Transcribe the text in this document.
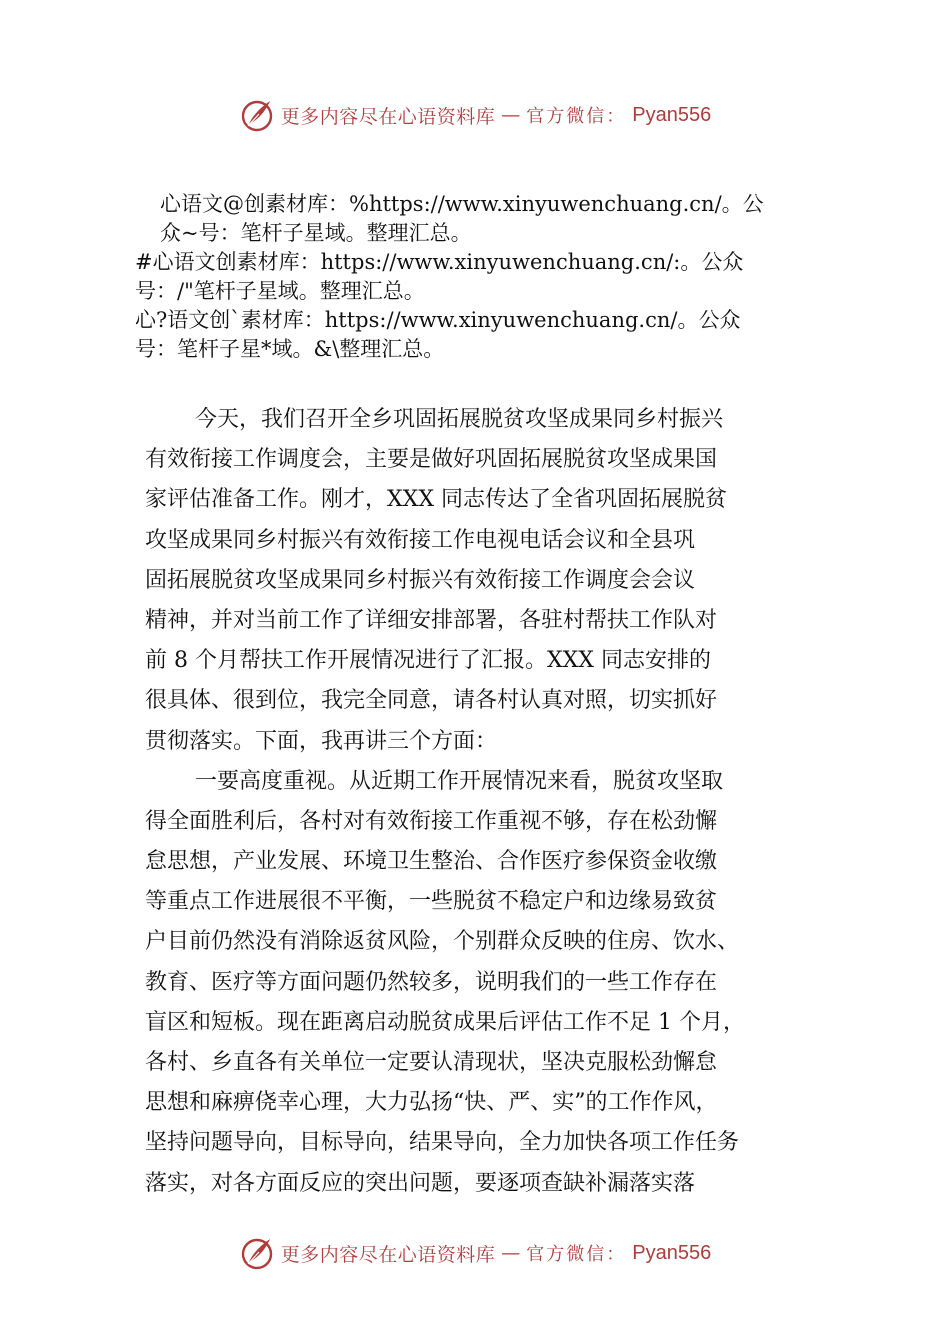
更多内容尽在心语资料库 — 官方微信： Pyan556
心语文@创素材库：%https://www.xinyuwenchuang.cn/。公
众~号：笔杆子星域。整理汇总。
#心语文创素材库：https://www.xinyuwenchuang.cn/:。公众
号：/"笔杆子星域。整理汇总。
心?语文创`素材库：https://www.xinyuwenchuang.cn/。公众
号：笔杆子星*域。&\整理汇总。
今天，我们召开全乡巩固拓展脱贫攻坚成果同乡村振兴
有效衔接工作调度会，主要是做好巩固拓展脱贫攻坚成果国
家评估准备工作。刚才，XXX 同志传达了全省巩固拓展脱贫
攻坚成果同乡村振兴有效衔接工作电视电话会议和全县巩
固拓展脱贫攻坚成果同乡村振兴有效衔接工作调度会会议
精神，并对当前工作了详细安排部署，各驻村帮扶工作队对
前 8 个月帮扶工作开展情况进行了汇报。XXX 同志安排的
很具体、很到位，我完全同意，请各村认真对照，切实抓好
贯彻落实。下面，我再讲三个方面：
一要高度重视。从近期工作开展情况来看，脱贫攻坚取
得全面胜利后，各村对有效衔接工作重视不够，存在松劲懈
怠思想，产业发展、环境卫生整治、合作医疗参保资金收缴
等重点工作进展很不平衡，一些脱贫不稳定户和边缘易致贫
户目前仍然没有消除返贫风险，个别群众反映的住房、饮水、
教育、医疗等方面问题仍然较多，说明我们的一些工作存在
盲区和短板。现在距离启动脱贫成果后评估工作不足 1 个月，
各村、乡直各有关单位一定要认清现状，坚决克服松劲懈怠
思想和麻痹侥幸心理，大力弘扬“快、严、实”的工作作风，
坚持问题导向，目标导向，结果导向，全力加快各项工作任务
落实，对各方面反应的突出问题，要逐项查缺补漏落实落
更多内容尽在心语资料库 — 官方微信： Pyan556
